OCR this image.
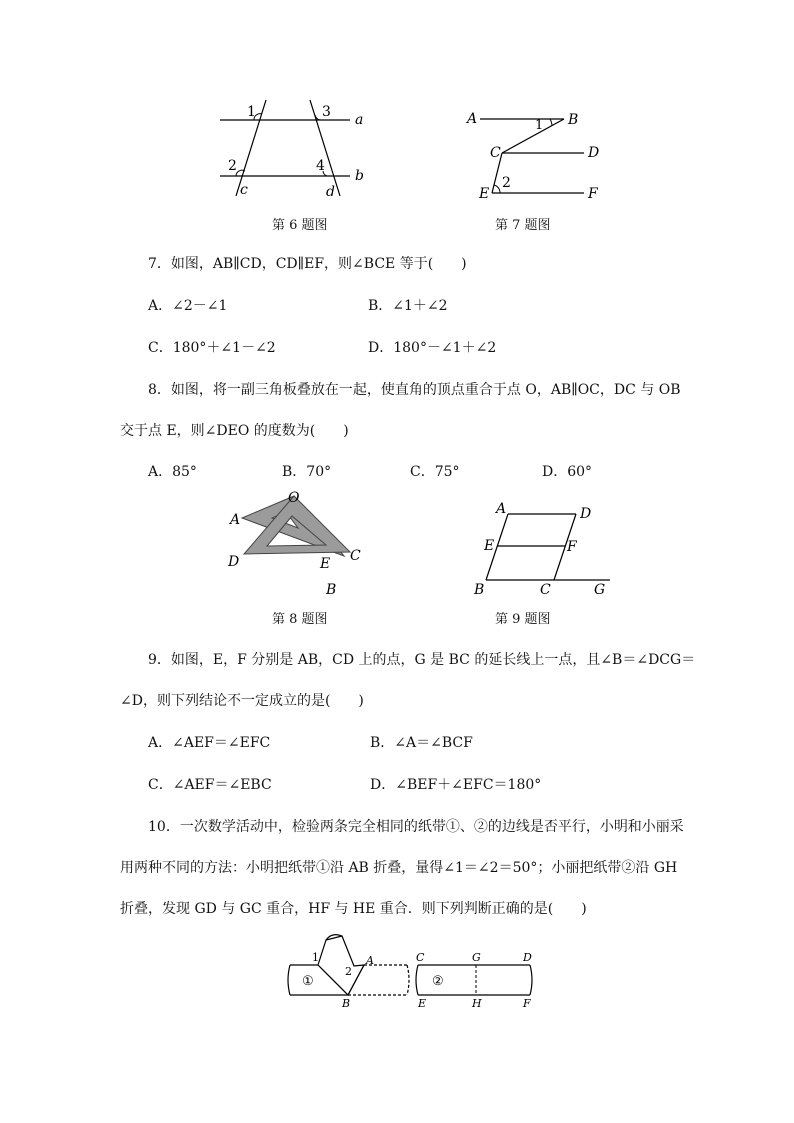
1	3 a
2	4
b
c	d
第 6 题图
A	B
1
C	D
2
E	F
第 7 题图
7．如图，AB∥CD，CD∥EF，则∠BCE 等于(　　)
A．∠2－∠1	B．∠1＋∠2
C．180°＋∠1－∠2	D．180°－∠1＋∠2
8．如图，将一副三角板叠放在一起，使直角的顶点重合于点 O，AB∥OC，DC 与 OB
交于点 E，则∠DEO 的度数为(　　)
A．85°	B．70°	C．75°	D．60°
O
A
D	C
E
B
第 8 题图
A	D
E	F
B	C	G
第 9 题图
9．如图，E，F 分别是 AB，CD 上的点，G 是 BC 的延长线上一点，且∠B＝∠DCG＝
∠D，则下列结论不一定成立的是(　　)
A．∠AEF＝∠EFC	B．∠A＝∠BCF
C．∠AEF＝∠EBC	D．∠BEF＋∠EFC＝180°
10．一次数学活动中，检验两条完全相同的纸带①、②的边线是否平行，小明和小丽采
用两种不同的方法：小明把纸带①沿 AB 折叠，量得∠1＝∠2＝50°；小丽把纸带②沿 GH
折叠，发现 GD 与 GC 重合，HF 与 HE 重合．则下列判断正确的是(　　)
1
2
A
B
①	②
C	G	D
E	H	F
